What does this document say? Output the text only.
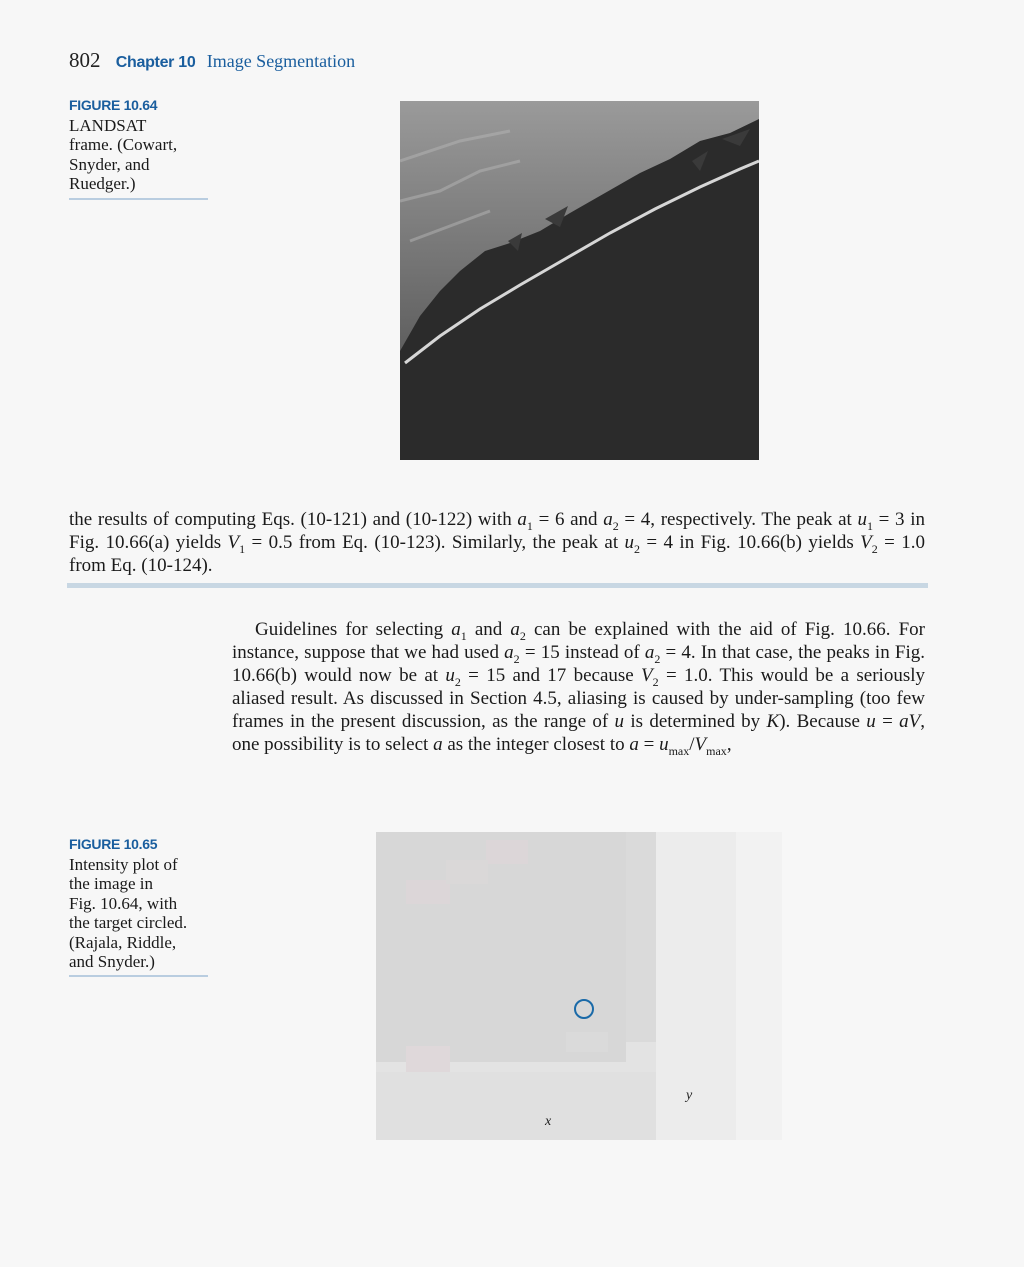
802 Chapter 10 Image Segmentation
FIGURE 10.64
LANDSAT
frame. (Cowart,
Snyder, and
Ruedger.)
the results of computing Eqs. (10-121) and (10-122) with $a_1 = 6$ and $a_2 = 4$, respectively. The peak at $u_1 = 3$ in Fig. 10.66(a) yields $V_1 = 0.5$ from Eq. (10-123). Similarly, the peak at $u_2 = 4$ in Fig. 10.66(b) yields $V_2 = 1.0$ from Eq. (10-124).
Guidelines for selecting $a_1$ and $a_2$ can be explained with the aid of Fig. 10.66. For instance, suppose that we had used $a_2 = 15$ instead of $a_2 = 4$. In that case, the peaks in Fig. 10.66(b) would now be at $u_2 = 15$ and 17 because $V_2 = 1.0$. This would be a seriously aliased result. As discussed in Section 4.5, aliasing is caused by under-sampling (too few frames in the present discussion, as the range of u is determined by K). Because u = aV, one possibility is to select a as the integer closest to $a = u_{max}/V_{max}$,
FIGURE 10.65
Intensity plot of
the image in
Fig. 10.64, with
the target circled.
(Rajala, Riddle,
and Snyder.)
y
x
